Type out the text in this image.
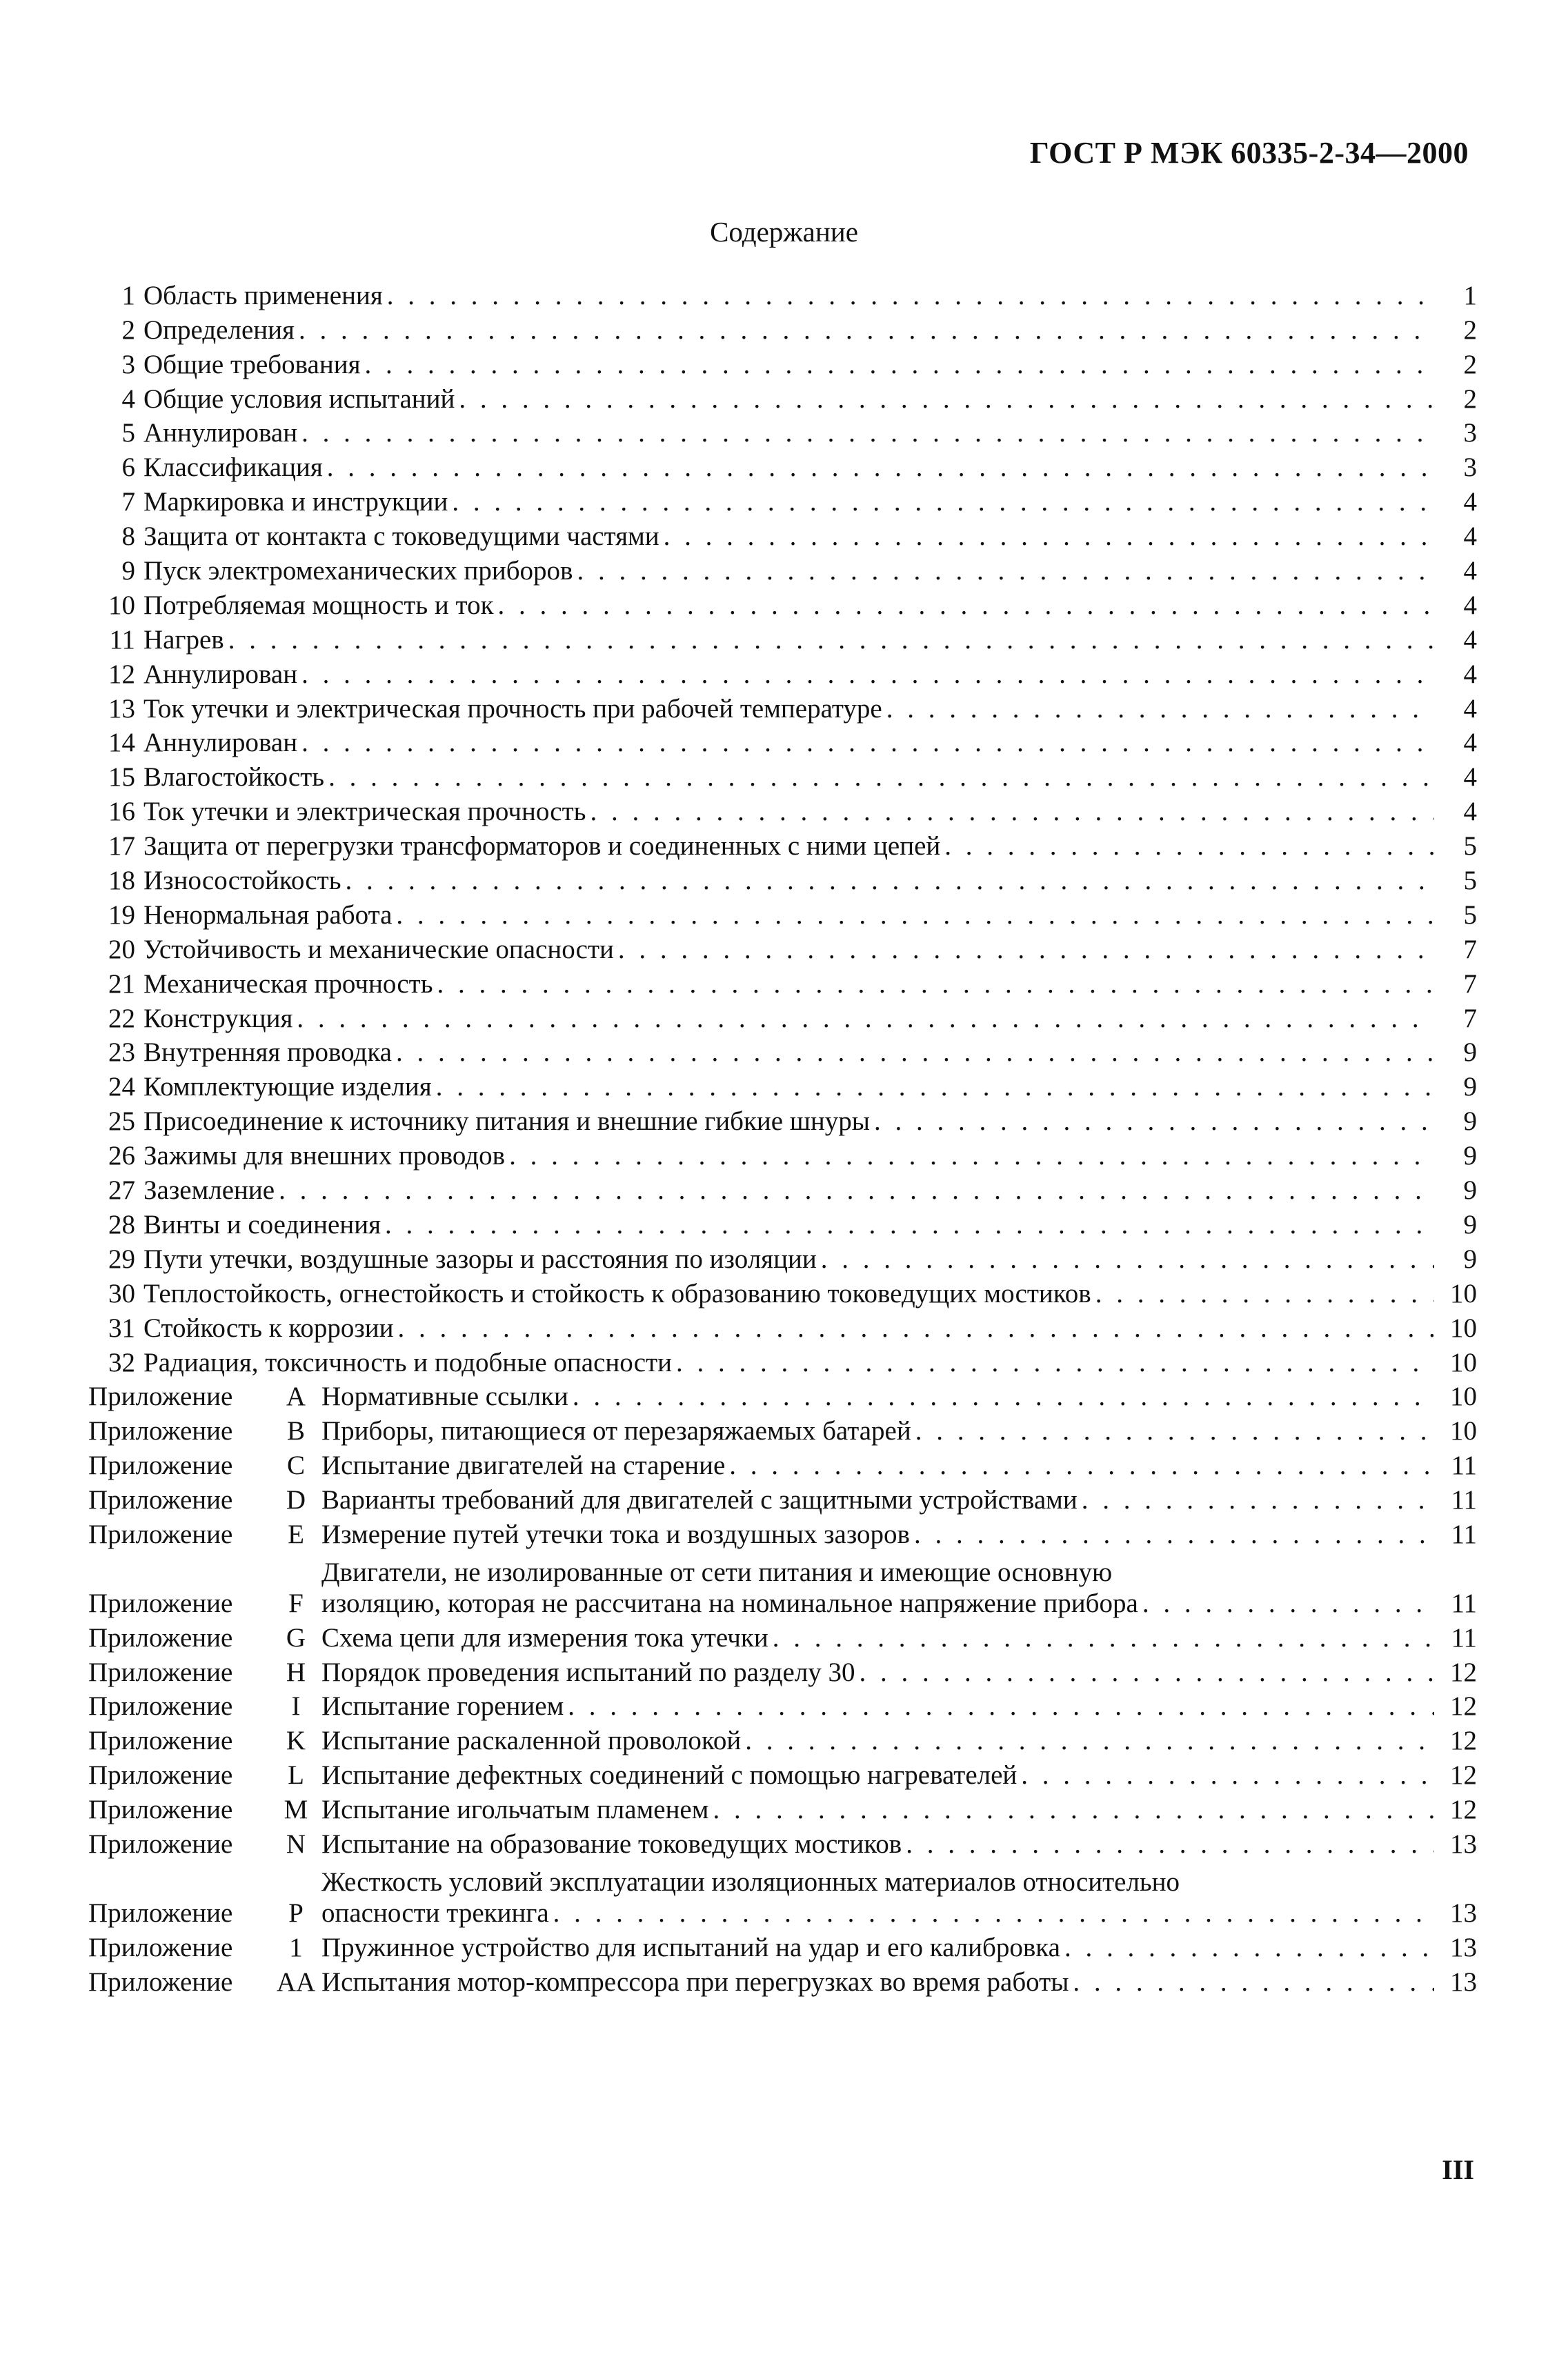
ГОСТ Р МЭК 60335-2-34—2000
Содержание
1 Область применения . . .	1
2 Определения . . .	2
3 Общие требования . . .	2
4 Общие условия испытаний . . .	2
5 Аннулирован . . .	3
6 Классификация . . .	3
7 Маркировка и инструкции . . .	4
8 Защита от контакта с токоведущими частями . . .	4
9 Пуск электромеханических приборов . . .	4
10 Потребляемая мощность и ток . . .	4
11 Нагрев . . .	4
12 Аннулирован . . .	4
13 Ток утечки и электрическая прочность при рабочей температуре . . .	4
14 Аннулирован . . .	4
15 Влагостойкость . . .	4
16 Ток утечки и электрическая прочность . . .	4
17 Защита от перегрузки трансформаторов и соединенных с ними цепей . . .	5
18 Износостойкость . . .	5
19 Ненормальная работа . . .	5
20 Устойчивость и механические опасности . . .	7
21 Механическая прочность . . .	7
22 Конструкция . . .	7
23 Внутренняя проводка . . .	9
24 Комплектующие изделия . . .	9
25 Присоединение к источнику питания и внешние гибкие шнуры . . .	9
26 Зажимы для внешних проводов . . .	9
27 Заземление . . .	9
28 Винты и соединения . . .	9
29 Пути утечки, воздушные зазоры и расстояния по изоляции . . .	9
30 Теплостойкость, огнестойкость и стойкость к образованию токоведущих мостиков . . .	10
31 Стойкость к коррозии . . .	10
32 Радиация, токсичность и подобные опасности . . .	10
Приложение	A Нормативные ссылки . . .	10
Приложение	B Приборы, питающиеся от перезаряжаемых батарей . . .	10
Приложение	C Испытание двигателей на старение . . .	11
Приложение	D Варианты требований для двигателей с защитными устройствами . . .	11
Приложение	E Измерение путей утечки тока и воздушных зазоров . . .	11
Приложение	F
Двигатели, не изолированные от сети питания и имеющие основную
изоляцию, которая не рассчитана на номинальное напряжение прибора . . .	11
Приложение	G Схема цепи для измерения тока утечки . . .	11
Приложение	H Порядок проведения испытаний по разделу 30 . . .	12
Приложение	I Испытание горением . . .	12
Приложение	K Испытание раскаленной проволокой . . .	12
Приложение	L Испытание дефектных соединений с помощью нагревателей . . .	12
Приложение	M Испытание игольчатым пламенем . . .	12
Приложение	N Испытание на образование токоведущих мостиков . . .	13
Приложение	P
Жесткость условий эксплуатации изоляционных материалов относительно
опасности трекинга . . .	13
Приложение	1 Пружинное устройство для испытаний на удар и его калибровка . . .	13
Приложение	AA Испытания мотор-компрессора при перегрузках во время работы . . .	13
III
